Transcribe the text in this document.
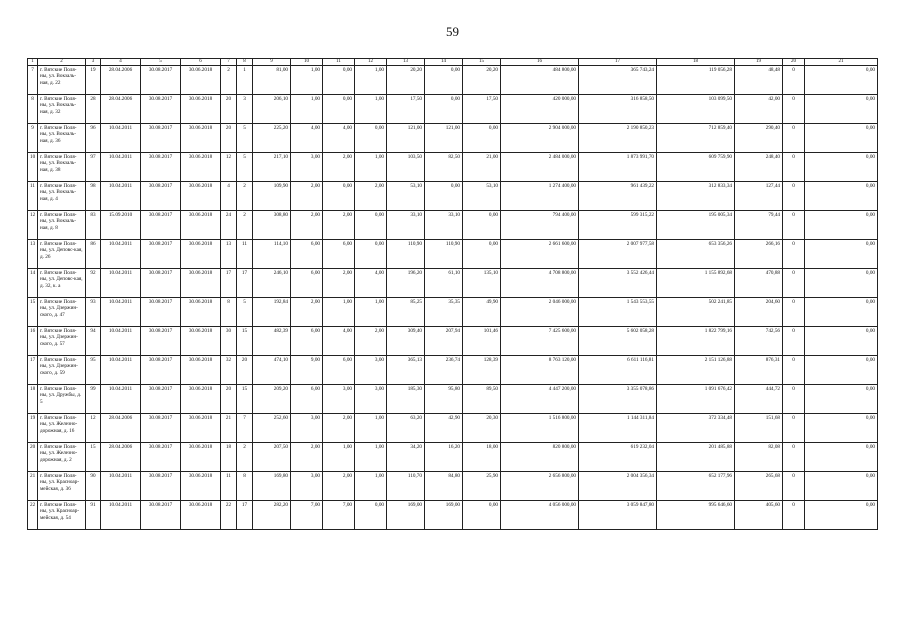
59
1	2	3	4	5	6	7	8	9	10	11	12	13	14	15	16	17	18	19	20	21
7	г. Вятские Поля-ны, ул. Вокзаль-ная, д. 22	19	28.04.2006	30.08.2017	30.06.2018	2	1	81,00	1,00	0,00	1,00	20,20	0,00	20,20	484 800,00	365 743,24	119 056,28	48,48	0	0,00
8	г. Вятские Поля-ны, ул. Вокзаль-ная, д. 32	28	28.04.2006	30.08.2017	30.06.2018	20	3	206,10	1,00	0,00	1,00	17,50	0,00	17,50	420 000,00	316 858,50	103 099,50	42,00	0	0,00
9	г. Вятские Поля-ны, ул. Вокзаль-ная, д. 36	96	10.04.2011	30.08.2017	30.06.2018	20	5	225,20	4,00	4,00	0,00	121,00	121,00	0,00	2 904 000,00	2 190 850,23	712 859,40	290,40	0	0,00
10	г. Вятские Поля-ны, ул. Вокзаль-ная, д. 38	97	10.04.2011	30.08.2017	30.06.2018	12	5	217,10	3,00	2,00	1,00	103,50	82,50	21,00	2 484 000,00	1 873 991,70	609 759,90	248,40	0	0,00
11	г. Вятские Поля-ны, ул. Вокзаль-ная, д. 4	98	10.04.2011	30.08.2017	30.06.2018	4	2	109,90	2,00	0,00	2,00	53,10	0,00	53,10	1 274 400,00	961 439,22	312 833,34	127,44	0	0,00
12	г. Вятские Поля-ны, ул. Вокзаль-ная, д. 8	83	15.09.2010	30.08.2017	30.06.2018	24	2	308,80	2,00	2,00	0,00	33,10	33,10	0,00	794 400,00	599 315,22	195 005,34	79,44	0	0,00
13	г. Вятские Поля-ны, ул. Деповс-кая, д. 26	86	10.04.2011	30.08.2017	30.06.2018	13	11	114,10	6,00	6,00	0,00	110,90	110,90	0,00	2 661 600,00	2 007 977,58	653 356,26	266,16	0	0,00
14	г. Вятские Поля-ны, ул. Деповс-кая, д. 32, к. а	92	10.04.2011	30.08.2017	30.06.2018	17	17	246,10	6,00	2,00	4,00	196,20	61,10	135,10	4 708 800,00	3 552 426,44	1 155 892,68	470,88	0	0,00
15	г. Вятские Поля-ны, ул. Дзержин-ского, д. 47	93	10.04.2011	30.08.2017	30.06.2018	8	5	192,84	2,00	1,00	1,00	85,25	35,35	49,90	2 046 000,00	1 543 553,55	502 241,85	204,60	0	0,00
16	г. Вятские Поля-ны, ул. Дзержин-ского, д. 57	94	10.04.2011	30.08.2017	30.06.2018	30	15	482,39	6,00	4,00	2,00	309,40	207,94	101,46	7 425 600,00	5 602 058,28	1 822 799,16	742,56	0	0,00
17	г. Вятские Поля-ны, ул. Дзержин-ского, д. 59	95	10.04.2011	30.08.2017	30.06.2018	32	20	474,10	9,00	6,00	3,00	365,13	236,74	128,39	8 763 120,00	6 611 116,81	2 151 126,88	876,31	0	0,00
18	г. Вятские Поля-ны, ул. Дружбы, д. 5	99	10.04.2011	30.08.2017	30.06.2018	20	15	209,20	6,00	3,00	3,00	185,30	95,80	89,50	4 447 200,00	3 355 078,86	1 091 676,42	444,72	0	0,00
19	г. Вятские Поля-ны, ул. Железно-дорожная, д. 16	12	28.04.2006	30.08.2017	30.06.2018	21	7	252,60	3,00	2,00	1,00	63,20	42,90	20,30	1 516 800,00	1 144 311,84	372 334,48	151,68	0	0,00
20	г. Вятские Поля-ны, ул. Железно-дорожная, д. 2	15	28.04.2006	30.08.2017	30.06.2018	18	2	207,50	2,00	1,00	1,00	34,20	16,20	18,00	820 800,00	619 232,04	201 485,88	82,08	0	0,00
21	г. Вятские Поля-ны, ул. Красноар-мейская, д. 36	90	10.04.2011	30.08.2017	30.06.2018	11	8	169,80	3,00	2,00	1,00	110,70	84,80	25,90	2 656 800,00	2 004 356,34	652 177,96	265,68	0	0,00
22	г. Вятские Поля-ны, ул. Красноар-мейская, д. 54	91	10.04.2011	30.08.2017	30.06.2018	22	17	282,20	7,00	7,00	0,00	169,00	169,00	0,00	4 056 000,00	3 059 847,80	995 646,60	405,60	0	0,00
